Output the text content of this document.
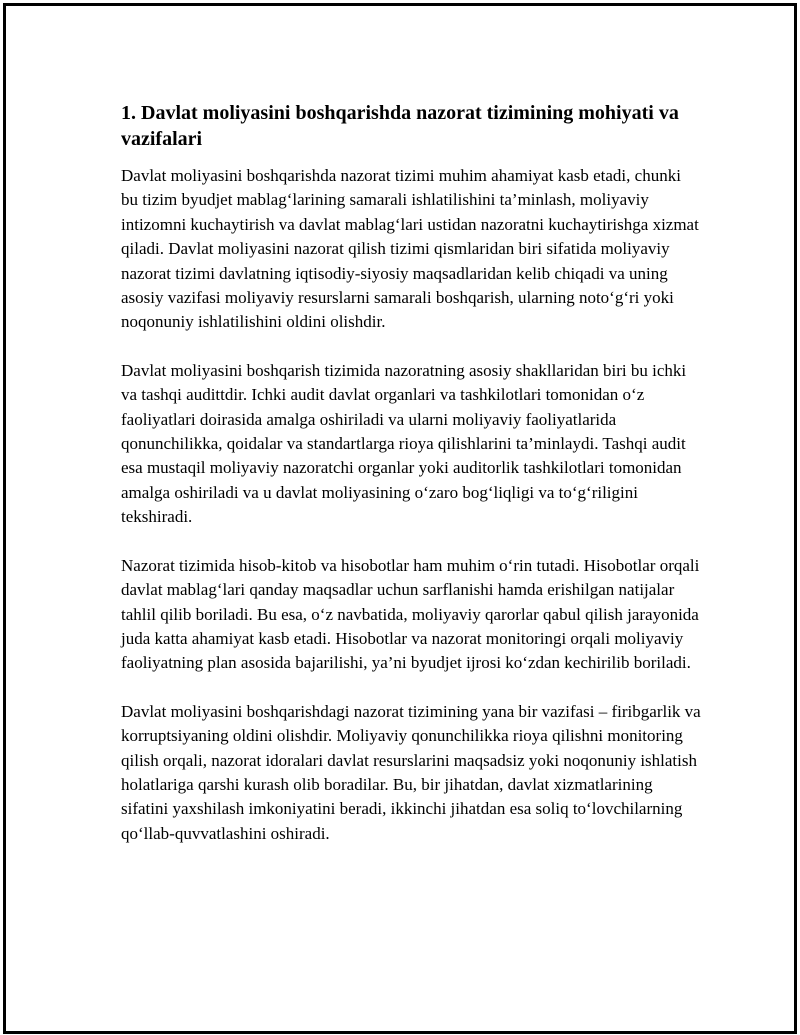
1. Davlat moliyasini boshqarishda nazorat tizimining mohiyati va vazifalari

Davlat moliyasini boshqarishda nazorat tizimi muhim ahamiyat kasb etadi, chunki bu tizim byudjet mablag‘larining samarali ishlatilishini ta’minlash, moliyaviy intizomni kuchaytirish va davlat mablag‘lari ustidan nazoratni kuchaytirishga xizmat qiladi. Davlat moliyasini nazorat qilish tizimi qismlaridan biri sifatida moliyaviy nazorat tizimi davlatning iqtisodiy-siyosiy maqsadlaridan kelib chiqadi va uning asosiy vazifasi moliyaviy resurslarni samarali boshqarish, ularning noto‘g‘ri yoki noqonuniy ishlatilishini oldini olishdir.

Davlat moliyasini boshqarish tizimida nazoratning asosiy shakllaridan biri bu ichki va tashqi audittdir. Ichki audit davlat organlari va tashkilotlari tomonidan o‘z faoliyatlari doirasida amalga oshiriladi va ularni moliyaviy faoliyatlarida qonunchilikka, qoidalar va standartlarga rioya qilishlarini ta’minlaydi. Tashqi audit esa mustaqil moliyaviy nazoratchi organlar yoki auditorlik tashkilotlari tomonidan amalga oshiriladi va u davlat moliyasining o‘zaro bog‘liqligi va to‘g‘riligini tekshiradi.

Nazorat tizimida hisob-kitob va hisobotlar ham muhim o‘rin tutadi. Hisobotlar orqali davlat mablag‘lari qanday maqsadlar uchun sarflanishi hamda erishilgan natijalar tahlil qilib boriladi. Bu esa, o‘z navbatida, moliyaviy qarorlar qabul qilish jarayonida juda katta ahamiyat kasb etadi. Hisobotlar va nazorat monitoringi orqali moliyaviy faoliyatning plan asosida bajarilishi, ya’ni byudjet ijrosi ko‘zdan kechirilib boriladi.

Davlat moliyasini boshqarishdagi nazorat tizimining yana bir vazifasi – firibgarlik va korruptsiyaning oldini olishdir. Moliyaviy qonunchilikka rioya qilishni monitoring qilish orqali, nazorat idoralari davlat resurslarini maqsadsiz yoki noqonuniy ishlatish holatlariga qarshi kurash olib boradilar. Bu, bir jihatdan, davlat xizmatlarining sifatini yaxshilash imkoniyatini beradi, ikkinchi jihatdan esa soliq to‘lovchilarning qo‘llab-quvvatlashini oshiradi.
